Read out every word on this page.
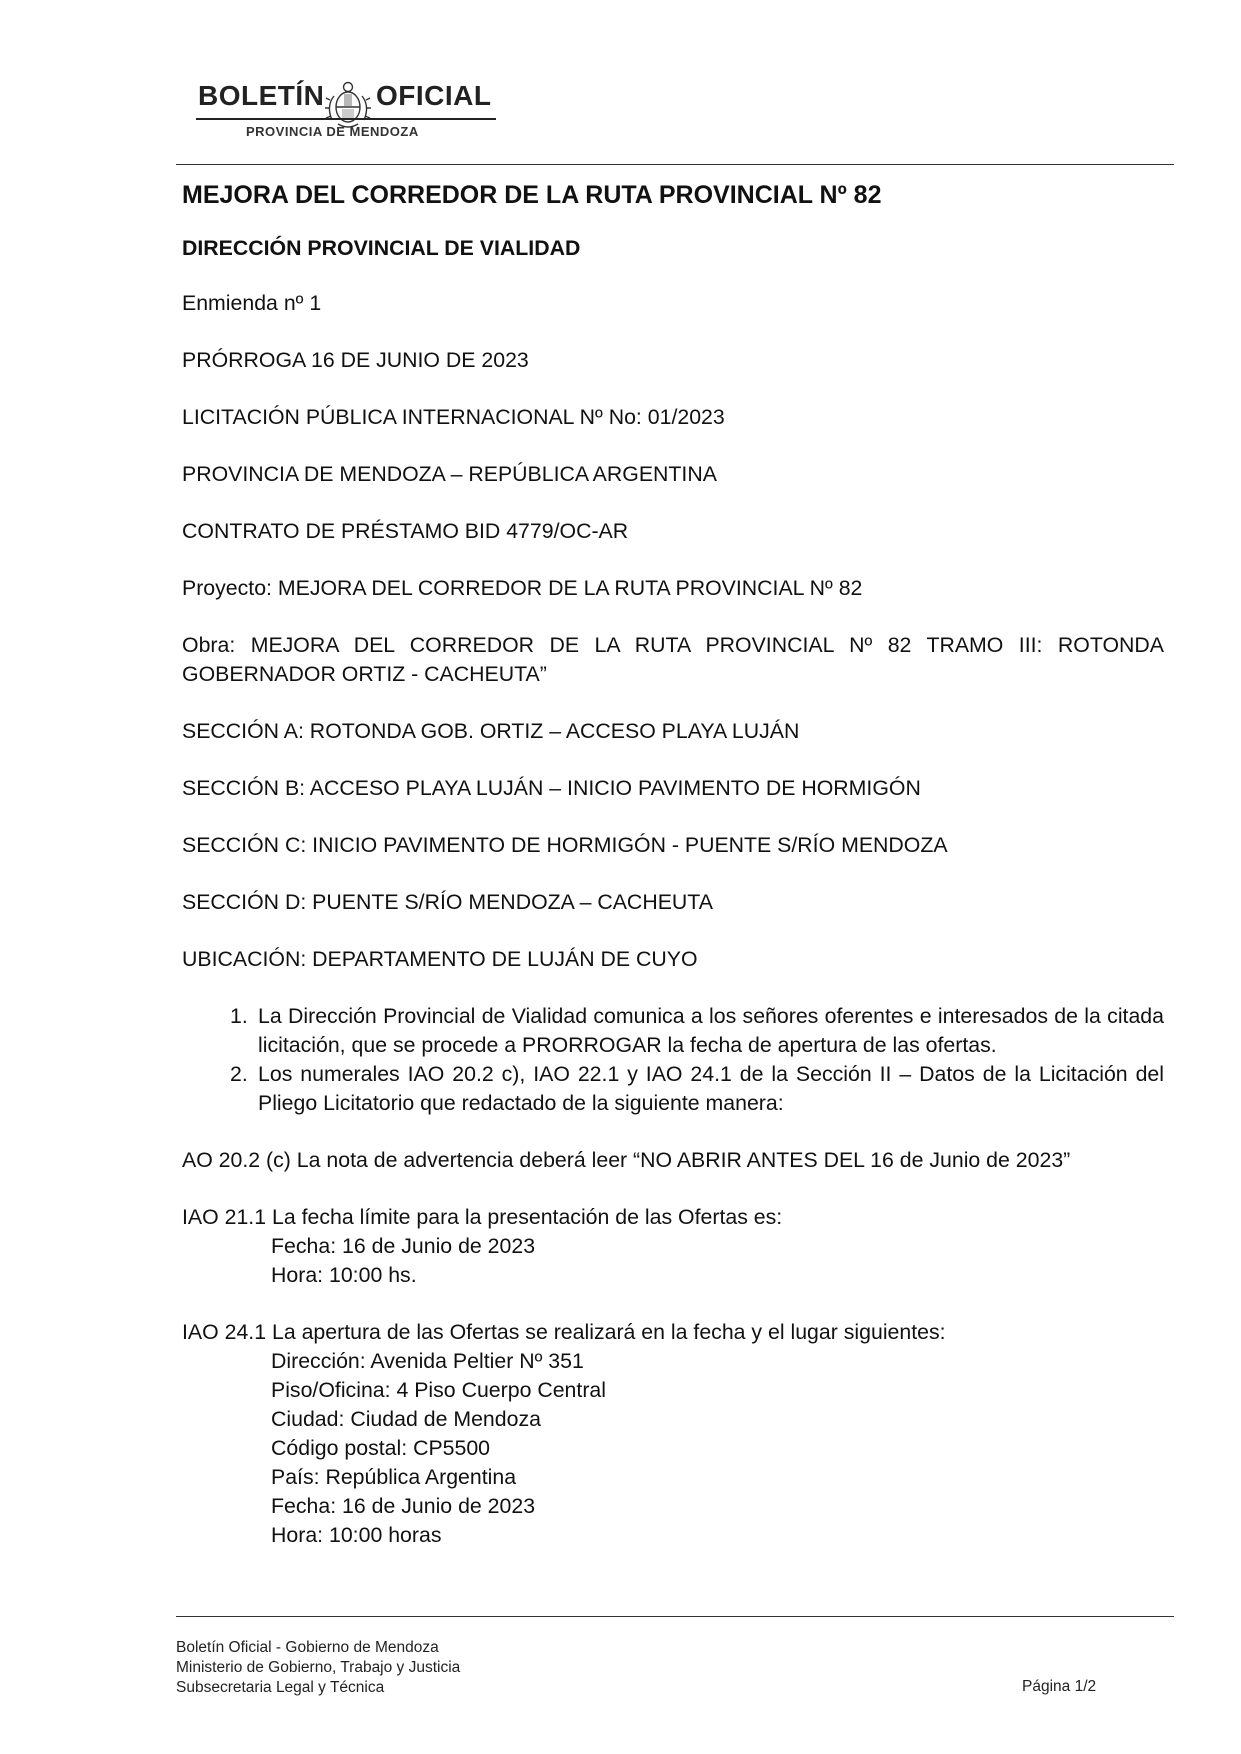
BOLETÍN OFICIAL
PROVINCIA DE MENDOZA
MEJORA DEL CORREDOR DE LA RUTA PROVINCIAL Nº 82
DIRECCIÓN PROVINCIAL DE VIALIDAD
Enmienda nº 1
PRÓRROGA 16 DE JUNIO DE 2023
LICITACIÓN PÚBLICA INTERNACIONAL Nº No: 01/2023
PROVINCIA DE MENDOZA – REPÚBLICA ARGENTINA
CONTRATO DE PRÉSTAMO BID 4779/OC-AR
Proyecto: MEJORA DEL CORREDOR DE LA RUTA PROVINCIAL Nº 82
Obra: MEJORA DEL CORREDOR DE LA RUTA PROVINCIAL Nº 82 TRAMO III: ROTONDA GOBERNADOR ORTIZ - CACHEUTA”
SECCIÓN A: ROTONDA GOB. ORTIZ – ACCESO PLAYA LUJÁN
SECCIÓN B: ACCESO PLAYA LUJÁN – INICIO PAVIMENTO DE HORMIGÓN
SECCIÓN C: INICIO PAVIMENTO DE HORMIGÓN - PUENTE S/RÍO MENDOZA
SECCIÓN D: PUENTE S/RÍO MENDOZA – CACHEUTA
UBICACIÓN: DEPARTAMENTO DE LUJÁN DE CUYO
1. La Dirección Provincial de Vialidad comunica a los señores oferentes e interesados de la citada licitación, que se procede a PRORROGAR la fecha de apertura de las ofertas.
2. Los numerales IAO 20.2 c), IAO 22.1 y IAO 24.1 de la Sección II – Datos de la Licitación del Pliego Licitatorio que redactado de la siguiente manera:
AO 20.2 (c) La nota de advertencia deberá leer “NO ABRIR ANTES DEL 16 de Junio de 2023”
IAO 21.1 La fecha límite para la presentación de las Ofertas es:
Fecha: 16 de Junio de 2023
Hora: 10:00 hs.
IAO 24.1 La apertura de las Ofertas se realizará en la fecha y el lugar siguientes:
Dirección: Avenida Peltier Nº 351
Piso/Oficina: 4 Piso Cuerpo Central
Ciudad: Ciudad de Mendoza
Código postal: CP5500
País: República Argentina
Fecha: 16 de Junio de 2023
Hora: 10:00 horas
Boletín Oficial - Gobierno de Mendoza
Ministerio de Gobierno, Trabajo y Justicia
Subsecretaria Legal y Técnica	Página 1/2
